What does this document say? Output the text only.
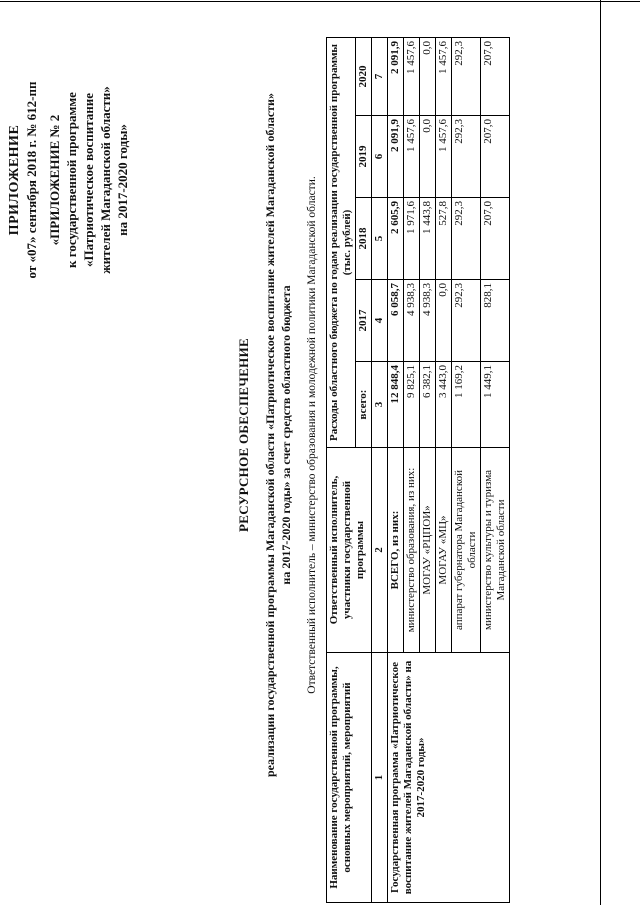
ПРИЛОЖЕНИЕ от «07» сентября 2018 г. № 612-пп «ПРИЛОЖЕНИЕ № 2 к государственной программе «Патриотическое воспитание жителей Магаданской области» на 2017-2020 годы»
РЕСУРСНОЕ ОБЕСПЕЧЕНИЕ реализации государственной программы Магаданской области «Патриотическое воспитание жителей Магаданской области» на 2017-2020 годы» за счет средств областного бюджета Ответственный исполнитель – министерство образования и молодежной политики Магаданской области.
Наименование государственной программы, основных мероприятий, мероприятий	Ответственный исполнитель, участники государственной программы	Расходы областного бюджета по годам реализации государственной программы (тыс. рублей)				
		всего:	2017	2018	2019	2020
1	2	3	4	5	6	7
Государственная программа «Патриотическое воспитание жителей Магаданской области» на 2017-2020 годы»	ВСЕГО, из них:	12 848,4	6 058,7	2 605,9	2 091,9	2 091,9
	министерство образования, из них:	9 825,1	4 938,3	1 971,6	1 457,6	1 457,6
	МОГАУ «РЦПОИ»	6 382,1	4 938,3	1 443,8	0,0	0,0
	МОГАУ «МЦ»	3 443,0	0,0	527,8	1 457,6	1 457,6
	аппарат губернатора Магаданской области	1 169,2	292,3	292,3	292,3	292,3
	министерство культуры и туризма Магаданской области	1 449,1	828,1	207,0	207,0	207,0
